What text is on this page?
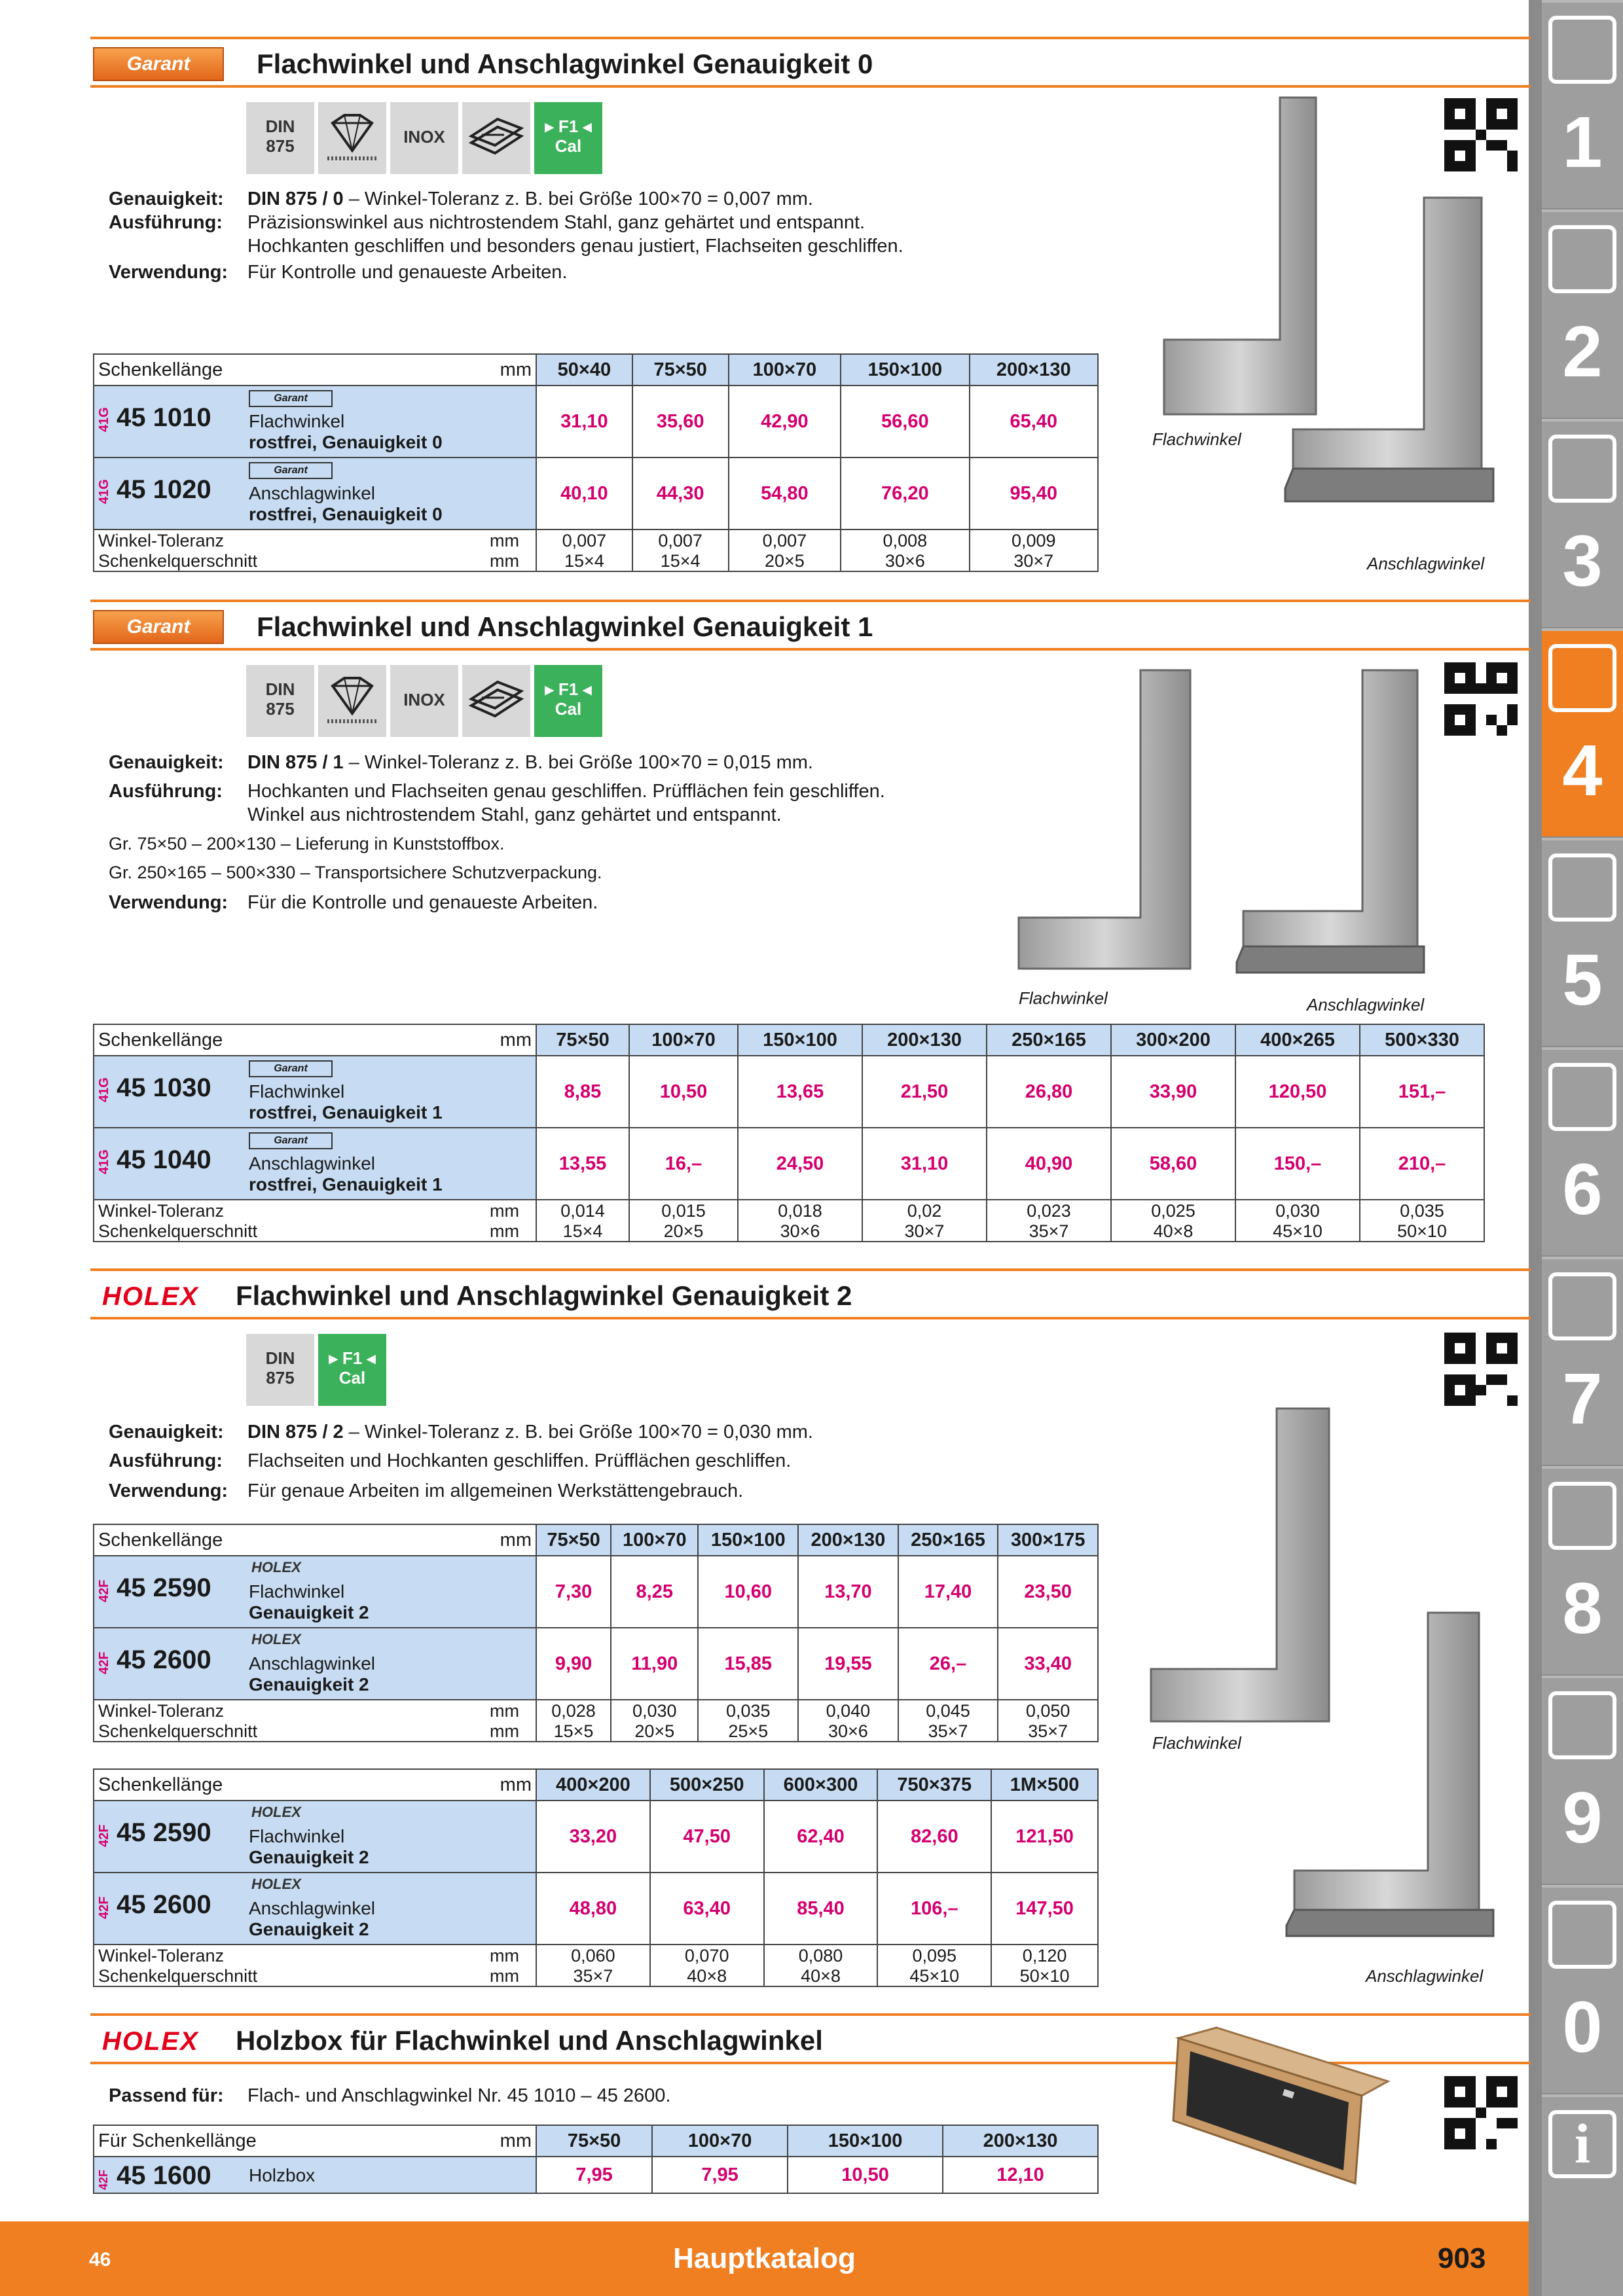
1
2
3
4
5
6
7
8
9
0
i
Garant	Flachwinkel und Anschlagwinkel Genauigkeit 0
DIN
875	INOX
▸ F1 ◂
Cal
Genauigkeit: DIN 875 / 0 – Winkel-Toleranz z. B. bei Größe 100×70 = 0,007 mm.
Ausführung: Präzisionswinkel aus nichtrostendem Stahl, ganz gehärtet und entspannt.
Hochkanten geschliffen und besonders genau justiert, Flachseiten geschliffen.
Verwendung: Für Kontrolle und genaueste Arbeiten.
Schenkellänge	mm	50×40	75×50	100×70	150×100	200×130

41G 45 1010
Garant
Flachwinkel
rostfrei, Genauigkeit 0		31,10	35,60	42,90	56,60	65,40

41G 45 1020
Garant
Anschlagwinkel
rostfrei, Genauigkeit 0		40,10	44,30	54,80	76,20	95,40
Winkel-Toleranz	mm	0,007	0,007	0,007	0,008	0,009
Schenkelquerschnitt	mm	15×4	15×4	20×5	30×6	30×7
Flachwinkel
Anschlagwinkel
Garant	Flachwinkel und Anschlagwinkel Genauigkeit 1
DIN
875	INOX
▸ F1 ◂
Cal
Genauigkeit: DIN 875 / 1 – Winkel-Toleranz z. B. bei Größe 100×70 = 0,015 mm.
Ausführung: Hochkanten und Flachseiten genau geschliffen. Prüfflächen fein geschliffen.
Winkel aus nichtrostendem Stahl, ganz gehärtet und entspannt.
Gr. 75×50 – 200×130 – Lieferung in Kunststoffbox.
Gr. 250×165 – 500×330 – Transportsichere Schutzverpackung.
Verwendung: Für die Kontrolle und genaueste Arbeiten.
Schenkellänge	mm	75×50	100×70	150×100	200×130	250×165	300×200	400×265	500×330

41G 45 1030
Garant
Flachwinkel
rostfrei, Genauigkeit 1		8,85	10,50	13,65	21,50	26,80	33,90	120,50	151,–

41G 45 1040
Garant
Anschlagwinkel
rostfrei, Genauigkeit 1		13,55	16,–	24,50	31,10	40,90	58,60	150,–	210,–
Winkel-Toleranz	mm	0,014	0,015	0,018	0,02	0,023	0,025	0,030	0,035
Schenkelquerschnitt	mm	15×4	20×5	30×6	30×7	35×7	40×8	45×10	50×10
Flachwinkel	Anschlagwinkel
HOLEX	Flachwinkel und Anschlagwinkel Genauigkeit 2
DIN
875
▸ F1 ◂
Cal
Genauigkeit: DIN 875 / 2 – Winkel-Toleranz z. B. bei Größe 100×70 = 0,030 mm.
Ausführung: Flachseiten und Hochkanten geschliffen. Prüfflächen geschliffen.
Verwendung: Für genaue Arbeiten im allgemeinen Werkstättengebrauch.
Schenkellänge	mm	75×50	100×70	150×100	200×130	250×165	300×175

42F 45 2590
HOLEX
Flachwinkel
Genauigkeit 2		7,30	8,25	10,60	13,70	17,40	23,50

42F 45 2600
HOLEX
Anschlagwinkel
Genauigkeit 2		9,90	11,90	15,85	19,55	26,–	33,40
Winkel-Toleranz	mm	0,028	0,030	0,035	0,040	0,045	0,050
Schenkelquerschnitt	mm	15×5	20×5	25×5	30×6	35×7	35×7
Schenkellänge	mm	400×200	500×250	600×300	750×375	1M×500

42F 45 2590
HOLEX
Flachwinkel
Genauigkeit 2		33,20	47,50	62,40	82,60	121,50

42F 45 2600
HOLEX
Anschlagwinkel
Genauigkeit 2		48,80	63,40	85,40	106,–	147,50
Winkel-Toleranz	mm	0,060	0,070	0,080	0,095	0,120
Schenkelquerschnitt	mm	35×7	40×8	40×8	45×10	50×10
Flachwinkel
Anschlagwinkel
HOLEX	Holzbox für Flachwinkel und Anschlagwinkel
Passend für: Flach- und Anschlagwinkel Nr. 45 1010 – 45 2600.
Für Schenkellänge	mm	75×50	100×70	150×100	200×130

42F 45 1600 Holzbox		7,95	7,95	10,50	12,10
46	Hauptkatalog	903
